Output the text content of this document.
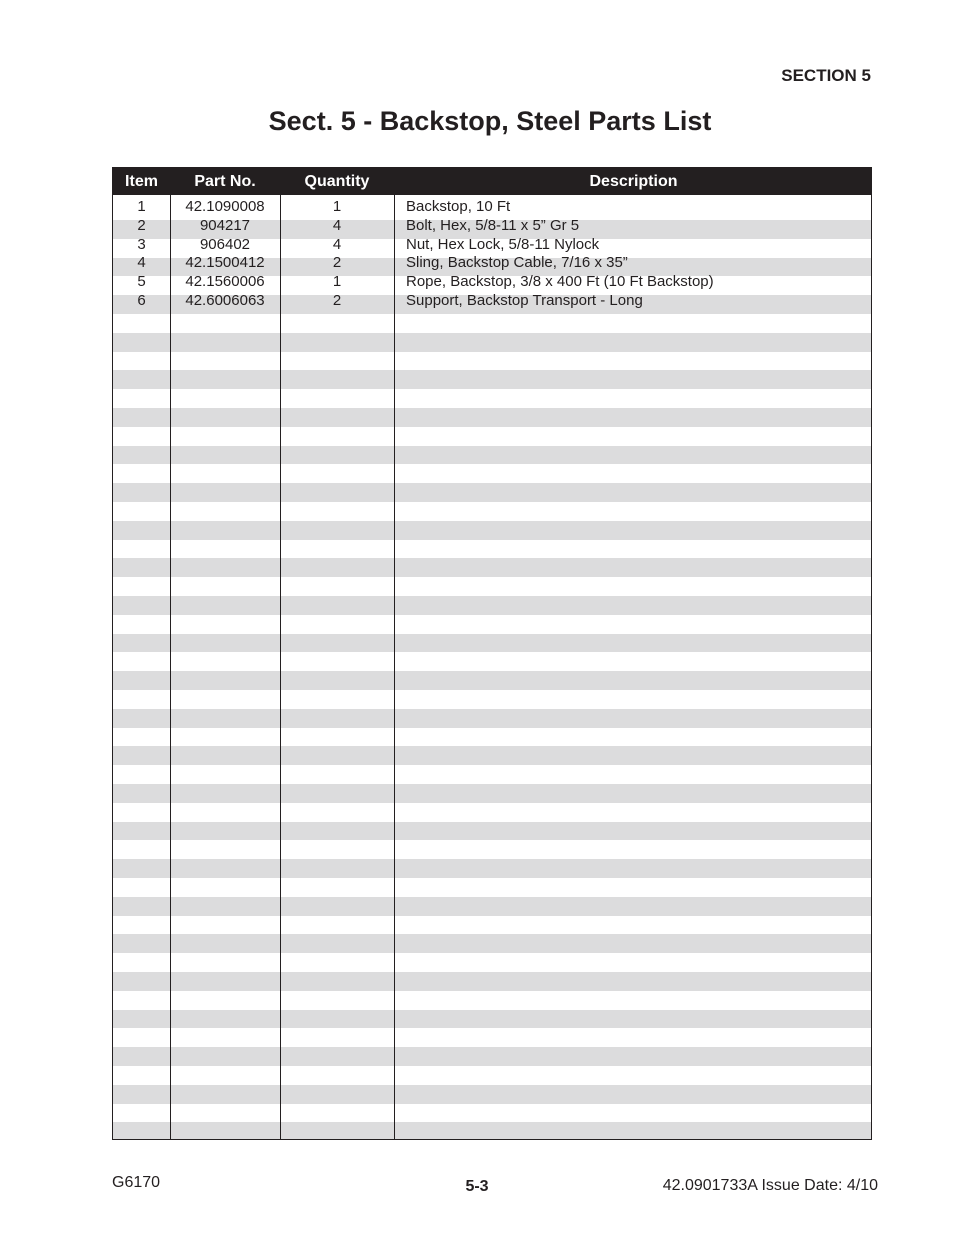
SECTION 5
Sect. 5 - Backstop, Steel Parts List
Item	Part No.	Quantity	Description
1	42.1090008	1	Backstop, 10 Ft
2	904217	4	Bolt, Hex, 5/8-11 x 5” Gr 5
3	906402	4	Nut, Hex Lock, 5/8-11 Nylock
4	42.1500412	2	Sling, Backstop Cable, 7/16 x 35”
5	42.1560006	1	Rope, Backstop, 3/8 x 400 Ft (10 Ft Backstop)
6	42.6006063	2	Support, Backstop Transport - Long
G6170	5-3	42.0901733A Issue Date: 4/10
